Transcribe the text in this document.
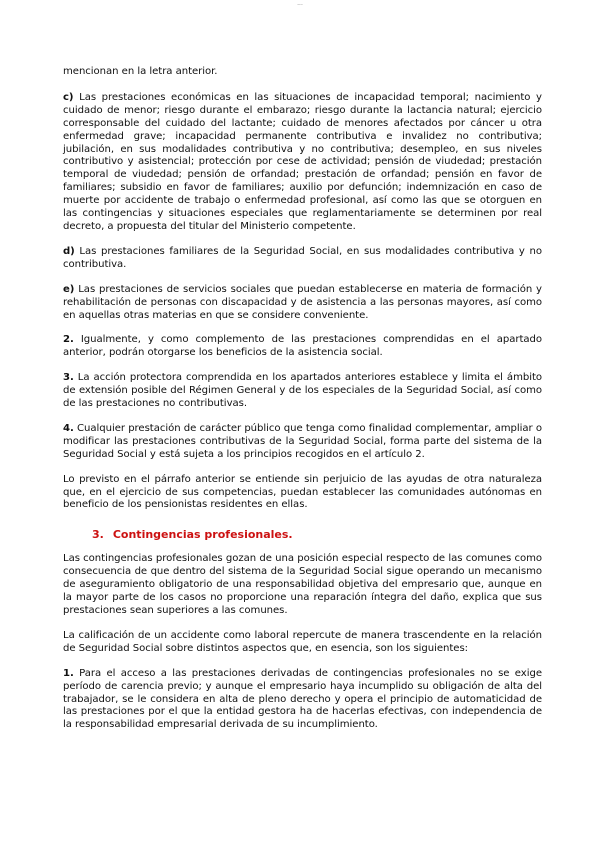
...

mencionan en la letra anterior.

c) Las prestaciones económicas en las situaciones de incapacidad temporal; nacimiento y cuidado de menor; riesgo durante el embarazo; riesgo durante la lactancia natural; ejercicio corresponsable del cuidado del lactante; cuidado de menores afectados por cáncer u otra enfermedad grave; incapacidad permanente contributiva e invalidez no contributiva; jubilación, en sus modalidades contributiva y no contributiva; desempleo, en sus niveles contributivo y asistencial; protección por cese de actividad; pensión de viudedad; prestación temporal de viudedad; pensión de orfandad; prestación de orfandad; pensión en favor de familiares; subsidio en favor de familiares; auxilio por defunción; indemnización en caso de muerte por accidente de trabajo o enfermedad profesional, así como las que se otorguen en las contingencias y situaciones especiales que reglamentariamente se determinen por real decreto, a propuesta del titular del Ministerio competente.

d) Las prestaciones familiares de la Seguridad Social, en sus modalidades contributiva y no contributiva.

e) Las prestaciones de servicios sociales que puedan establecerse en materia de formación y rehabilitación de personas con discapacidad y de asistencia a las personas mayores, así como en aquellas otras materias en que se considere conveniente.

2. Igualmente, y como complemento de las prestaciones comprendidas en el apartado anterior, podrán otorgarse los beneficios de la asistencia social.

3. La acción protectora comprendida en los apartados anteriores establece y limita el ámbito de extensión posible del Régimen General y de los especiales de la Seguridad Social, así como de las prestaciones no contributivas.

4. Cualquier prestación de carácter público que tenga como finalidad complementar, ampliar o modificar las prestaciones contributivas de la Seguridad Social, forma parte del sistema de la Seguridad Social y está sujeta a los principios recogidos en el artículo 2.

Lo previsto en el párrafo anterior se entiende sin perjuicio de las ayudas de otra naturaleza que, en el ejercicio de sus competencias, puedan establecer las comunidades autónomas en beneficio de los pensionistas residentes en ellas.

3. Contingencias profesionales.

Las contingencias profesionales gozan de una posición especial respecto de las comunes como consecuencia de que dentro del sistema de la Seguridad Social sigue operando un mecanismo de aseguramiento obligatorio de una responsabilidad objetiva del empresario que, aunque en la mayor parte de los casos no proporcione una reparación íntegra del daño, explica que sus prestaciones sean superiores a las comunes.

La calificación de un accidente como laboral repercute de manera trascendente en la relación de Seguridad Social sobre distintos aspectos que, en esencia, son los siguientes:

1. Para el acceso a las prestaciones derivadas de contingencias profesionales no se exige período de carencia previo; y aunque el empresario haya incumplido su obligación de alta del trabajador, se le considera en alta de pleno derecho y opera el principio de automaticidad de las prestaciones por el que la entidad gestora ha de hacerlas efectivas, con independencia de la responsabilidad empresarial derivada de su incumplimiento.
